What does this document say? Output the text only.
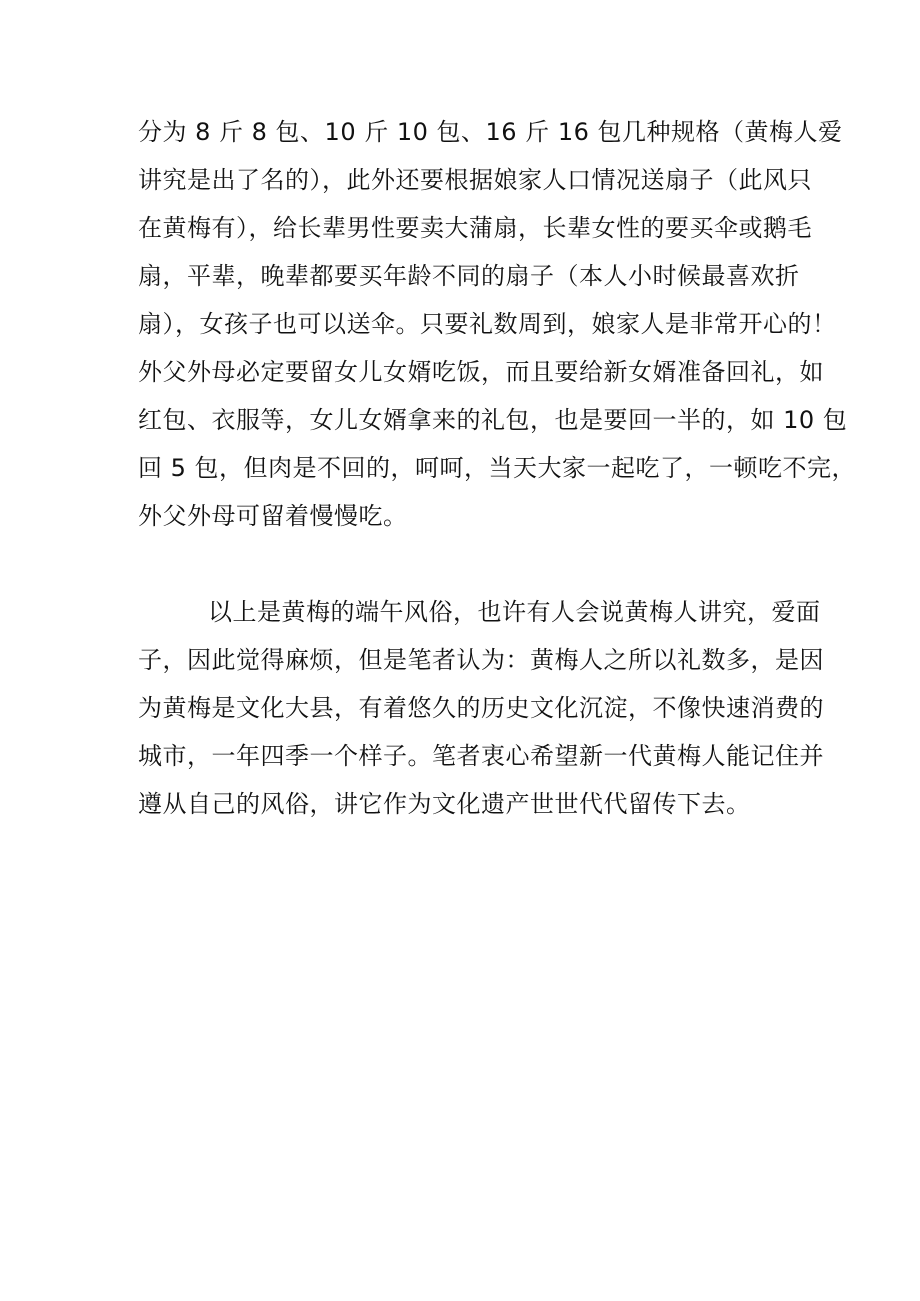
分为 8 斤 8 包、10 斤 10 包、16 斤 16 包几种规格（黄梅人爱
讲究是出了名的），此外还要根据娘家人口情况送扇子（此风只
在黄梅有），给长辈男性要卖大蒲扇，长辈女性的要买伞或鹅毛
扇，平辈，晚辈都要买年龄不同的扇子（本人小时候最喜欢折
扇），女孩子也可以送伞。只要礼数周到，娘家人是非常开心的！
外父外母必定要留女儿女婿吃饭，而且要给新女婿准备回礼，如
红包、衣服等，女儿女婿拿来的礼包，也是要回一半的，如 10 包
回 5 包，但肉是不回的，呵呵，当天大家一起吃了，一顿吃不完，
外父外母可留着慢慢吃。
以上是黄梅的端午风俗，也许有人会说黄梅人讲究，爱面
子，因此觉得麻烦，但是笔者认为：黄梅人之所以礼数多，是因
为黄梅是文化大县，有着悠久的历史文化沉淀，不像快速消费的
城市，一年四季一个样子。笔者衷心希望新一代黄梅人能记住并
遵从自己的风俗，讲它作为文化遗产世世代代留传下去。
